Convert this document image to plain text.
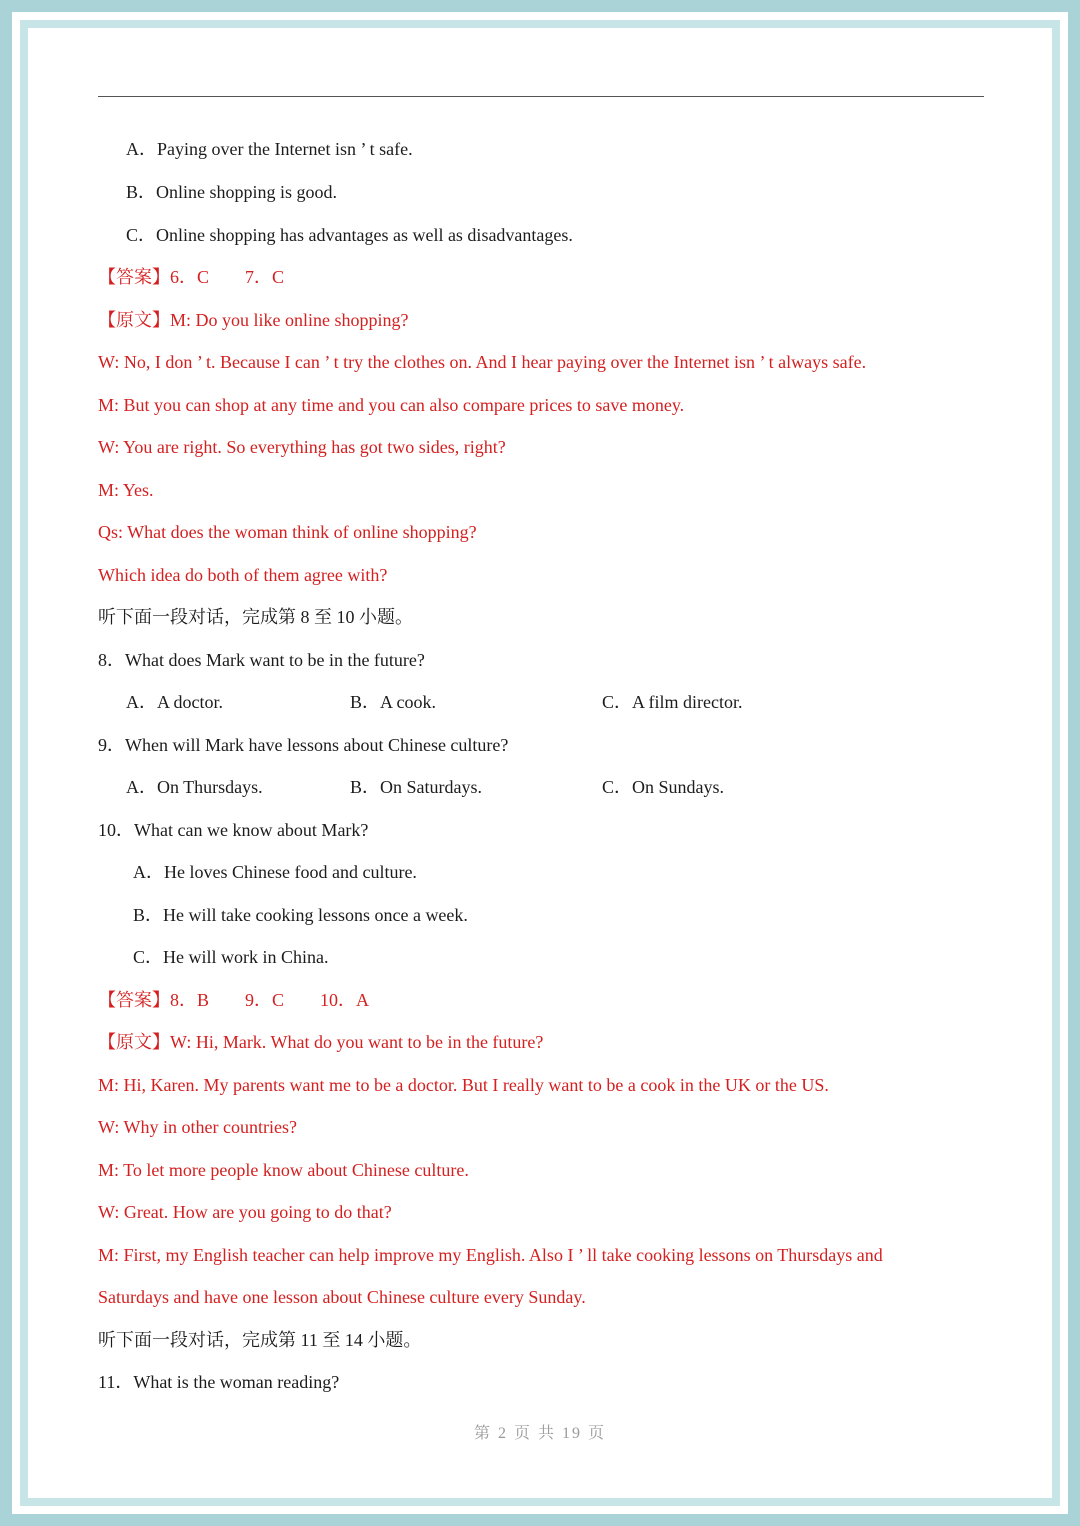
A．Paying over the Internet isn ’ t safe.
B．Online shopping is good.
C．Online shopping has advantages as well as disadvantages.
【答案】6．C 7．C
【原文】M: Do you like online shopping?
W: No, I don ’ t. Because I can ’ t try the clothes on. And I hear paying over the Internet isn ’ t always safe.
M: But you can shop at any time and you can also compare prices to save money.
W: You are right. So everything has got two sides, right?
M: Yes.
Qs: What does the woman think of online shopping?
Which idea do both of them agree with?
听下面一段对话，完成第 8 至 10 小题。
8．What does Mark want to be in the future?
A．A doctor.	B．A cook.	C．A film director.
9．When will Mark have lessons about Chinese culture?
A．On Thursdays.	B．On Saturdays.	C．On Sundays.
10．What can we know about Mark?
A．He loves Chinese food and culture.
B．He will take cooking lessons once a week.
C．He will work in China.
【答案】8．B 9．C 10．A
【原文】W: Hi, Mark. What do you want to be in the future?
M: Hi, Karen. My parents want me to be a doctor. But I really want to be a cook in the UK or the US.
W: Why in other countries?
M: To let more people know about Chinese culture.
W: Great. How are you going to do that?
M: First, my English teacher can help improve my English. Also I ’ ll take cooking lessons on Thursdays and
Saturdays and have one lesson about Chinese culture every Sunday.
听下面一段对话，完成第 11 至 14 小题。
11．What is the woman reading?
第 2 页 共 19 页
